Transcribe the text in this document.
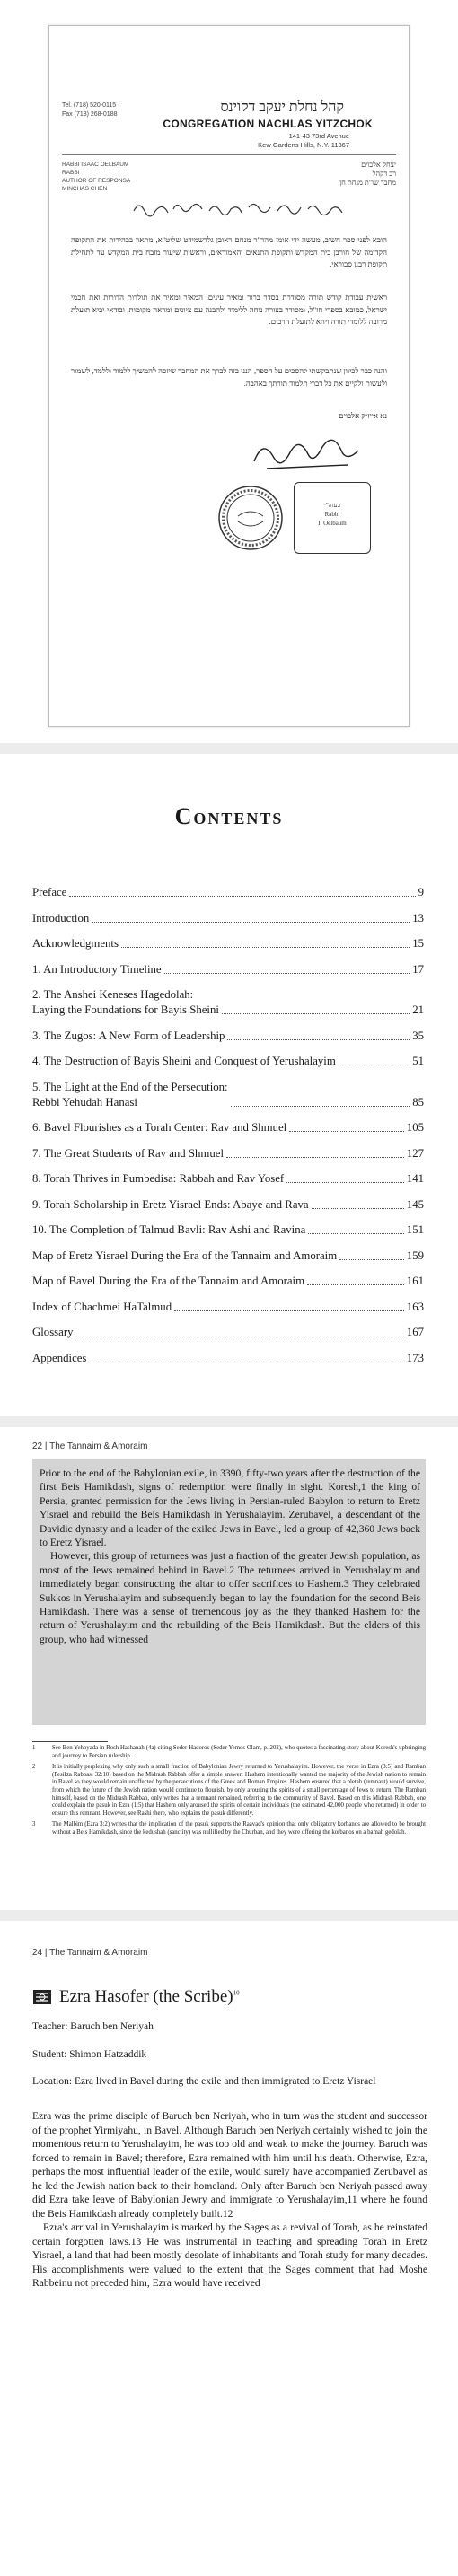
Tel. (718) 520-0115
Fax (718) 268-0188	קהל נחלת יעקב דקוינס
CONGREGATION NACHLAS YITZCHOK
141-43 73rd Avenue
Kew Gardens Hills, N.Y. 11367
RABBI ISAAC OELBAUM
RABBI
AUTHOR OF RESPONSA
MINCHAS CHEN
יצחק אלבוים
רב דקהל
מחבר שו"ת מנחת חן
הובא לפני ספר חשוב, מעשה ידי אומן מהר"ר מנחם ראובן גלדשמידט שליט"א, מתאר בבהירות את התקופה הקדומה של חורבן בית המקדש ותקופת התנאים והאמוראים, וראשית שיעור מזבח בית המקדש עד לתחילת תקופת רבנן סבוראי.
ראשית עבודת קודש תורה מסודרת בסדר ברור ומאיר עינים, המאיר ומאיר את תולדות הדורות ואת חכמי ישראל, כמובא בספרי חז"ל, ומסודר בצורה נוחה ללימוד ולהבנה עם ציונים ומראה מקומות, ובודאי יביא תועלת מרובה ללומדי תורה ויהא לתועלת הרבים.
והנה כבר לכיוון שנתבקשתי להסכים על הספר, הנני בזה לברך את המחבר שיזכה להמשיך ללמוד וללמד, לשמור ולעשות ולקיים את כל דברי תלמוד תורתך באהבה.
נא אייזיק אלבוים
בעזה"י
Rabbi
I. Oelbaum
Contents
Preface	9
Introduction	13
Acknowledgments	15
1. An Introductory Timeline	17
2. The Anshei Keneses Hagedolah:
Laying the Foundations for Bayis Sheini	21
3. The Zugos: A New Form of Leadership	35
4. The Destruction of Bayis Sheini and Conquest of Yerushalayim	51
5. The Light at the End of the Persecution:
Rebbi Yehudah Hanasi	85
6. Bavel Flourishes as a Torah Center: Rav and Shmuel	105
7. The Great Students of Rav and Shmuel	127
8. Torah Thrives in Pumbedisa: Rabbah and Rav Yosef	141
9. Torah Scholarship in Eretz Yisrael Ends: Abaye and Rava	145
10. The Completion of Talmud Bavli: Rav Ashi and Ravina	151
Map of Eretz Yisrael During the Era of the Tannaim and Amoraim	159
Map of Bavel During the Era of the Tannaim and Amoraim	161
Index of Chachmei HaTalmud	163
Glossary	167
Appendices	173
22 | The Tannaim & Amoraim

Prior to the end of the Babylonian exile, in 3390, fifty-two years after the destruction of the first Beis Hamikdash, signs of redemption were finally in sight. Koresh,1 the king of Persia, granted permission for the Jews living in Persian-ruled Babylon to return to Eretz Yisrael and rebuild the Beis Hamikdash in Yerushalayim. Zerubavel, a descendant of the Davidic dynasty and a leader of the exiled Jews in Bavel, led a group of 42,360 Jews back to Eretz Yisrael.

However, this group of returnees was just a fraction of the greater Jewish population, as most of the Jews remained behind in Bavel.2 The returnees arrived in Yerushalayim and immediately began constructing the altar to offer sacrifices to Hashem.3 They celebrated Sukkos in Yerushalayim and subsequently began to lay the foundation for the second Beis Hamikdash. There was a sense of tremendous joy as the they thanked Hashem for the return of Yerushalayim and the rebuilding of the Beis Hamikdash. But the elders of this group, who had witnessed

1	See Ben Yehoyada in Rosh Hashanah (4a) citing Seder Hadoros (Seder Yemos Olam, p. 202), who quotes a fascinating story about Koresh's upbringing and journey to Persian rulership.
2	It is initially perplexing why only such a small fraction of Babylonian Jewry returned to Yerushalayim. However, the verse in Ezra (3:5) and Ramban (Pesikta Rabbasi 32:10) based on the Midrash Rabbah offer a simple answer: Hashem intentionally wanted the majority of the Jewish nation to remain in Bavel so they would remain unaffected by the persecutions of the Greek and Roman Empires. Hashem ensured that a pletah (remnant) would survive, from which the future of the Jewish nation would continue to flourish, by only arousing the spirits of a small percentage of Jews to return. The Ramban himself, based on the Midrash Rabbah, only writes that a remnant remained, referring to the community of Bavel. Based on this Midrash Rabbah, one could explain the pasuk in Ezra (1:5) that Hashem only aroused the spirits of certain individuals (the estimated 42,000 people who returned) in order to ensure this remnant. However, see Rashi there, who explains the pasuk differently.
3	The Malbim (Ezra 3:2) writes that the implication of the pasuk supports the Raavad's opinion that only obligatory korbanos are allowed to be brought without a Beis Hamikdash, since the kedushah (sanctity) was nullified by the Churban, and they were offering the korbanos on a bamah gedolah.
24 | The Tannaim & Amoraim
Ezra Hasofer (the Scribe)$^{10}$
Teacher: Baruch ben Neriyah
Student: Shimon Hatzaddik
Location: Ezra lived in Bavel during the exile and then immigrated to Eretz Yisrael

Ezra was the prime disciple of Baruch ben Neriyah, who in turn was the student and successor of the prophet Yirmiyahu, in Bavel. Although Baruch ben Neriyah certainly wished to join the momentous return to Yerushalayim, he was too old and weak to make the journey. Baruch was forced to remain in Bavel; therefore, Ezra remained with him until his death. Otherwise, Ezra, perhaps the most influential leader of the exile, would surely have accompanied Zerubavel as he led the Jewish nation back to their homeland. Only after Baruch ben Neriyah passed away did Ezra take leave of Babylonian Jewry and immigrate to Yerushalayim,11 where he found the Beis Hamikdash already completely built.12

Ezra's arrival in Yerushalayim is marked by the Sages as a revival of Torah, as he reinstated certain forgotten laws.13 He was instrumental in teaching and spreading Torah in Eretz Yisrael, a land that had been mostly desolate of inhabitants and Torah study for many decades. His accomplishments were valued to the extent that the Sages comment that had Moshe Rabbeinu not preceded him, Ezra would have received
